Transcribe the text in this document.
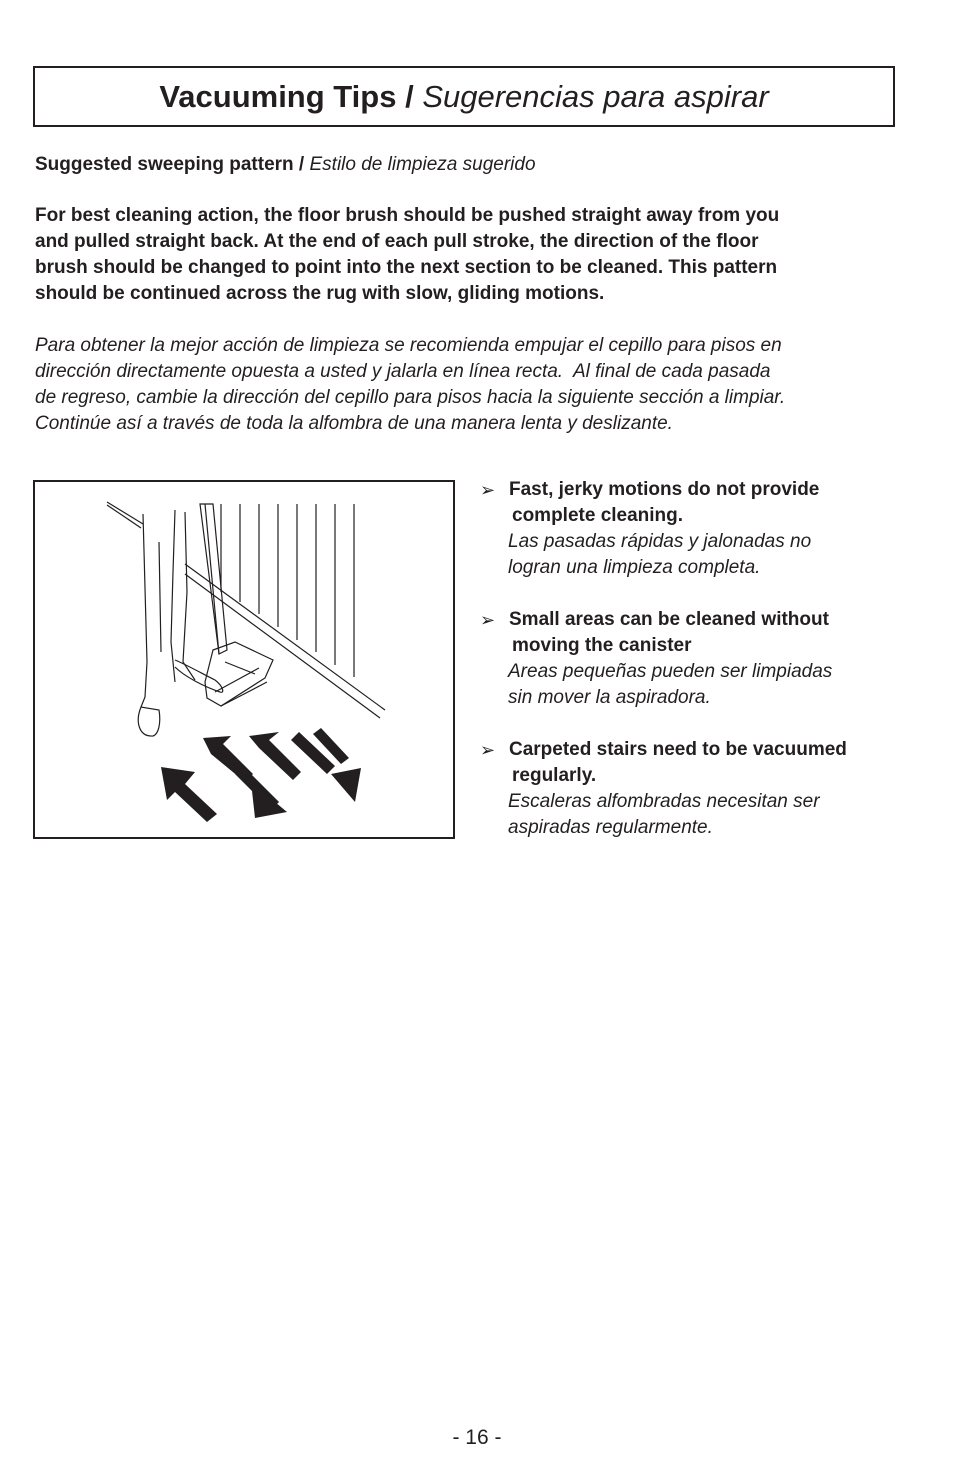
Vacuuming Tips / Sugerencias para aspirar
Suggested sweeping pattern / Estilo de limpieza sugerido
For best cleaning action, the floor brush should be pushed straight away from you
and pulled straight back. At the end of each pull stroke, the direction of the floor
brush should be changed to point into the next section to be cleaned. This pattern
should be continued across the rug with slow, gliding motions.
Para obtener la mejor acción de limpieza se recomienda empujar el cepillo para pisos en
dirección directamente opuesta a usted y jalarla en línea recta.  Al final de cada pasada
de regreso, cambie la dirección del cepillo para pisos hacia la siguiente sección a limpiar.
Continúe así a través de toda la alfombra de una manera lenta y deslizante.
➢ Fast, jerky motions do not provide
complete cleaning.
Las pasadas rápidas y jalonadas no
logran una limpieza completa.
➢ Small areas can be cleaned without
moving the canister
Areas pequeñas pueden ser limpiadas
sin mover la aspiradora.
➢ Carpeted stairs need to be vacuumed
regularly.
Escaleras alfombradas necesitan ser
aspiradas regularmente.
- 16 -
